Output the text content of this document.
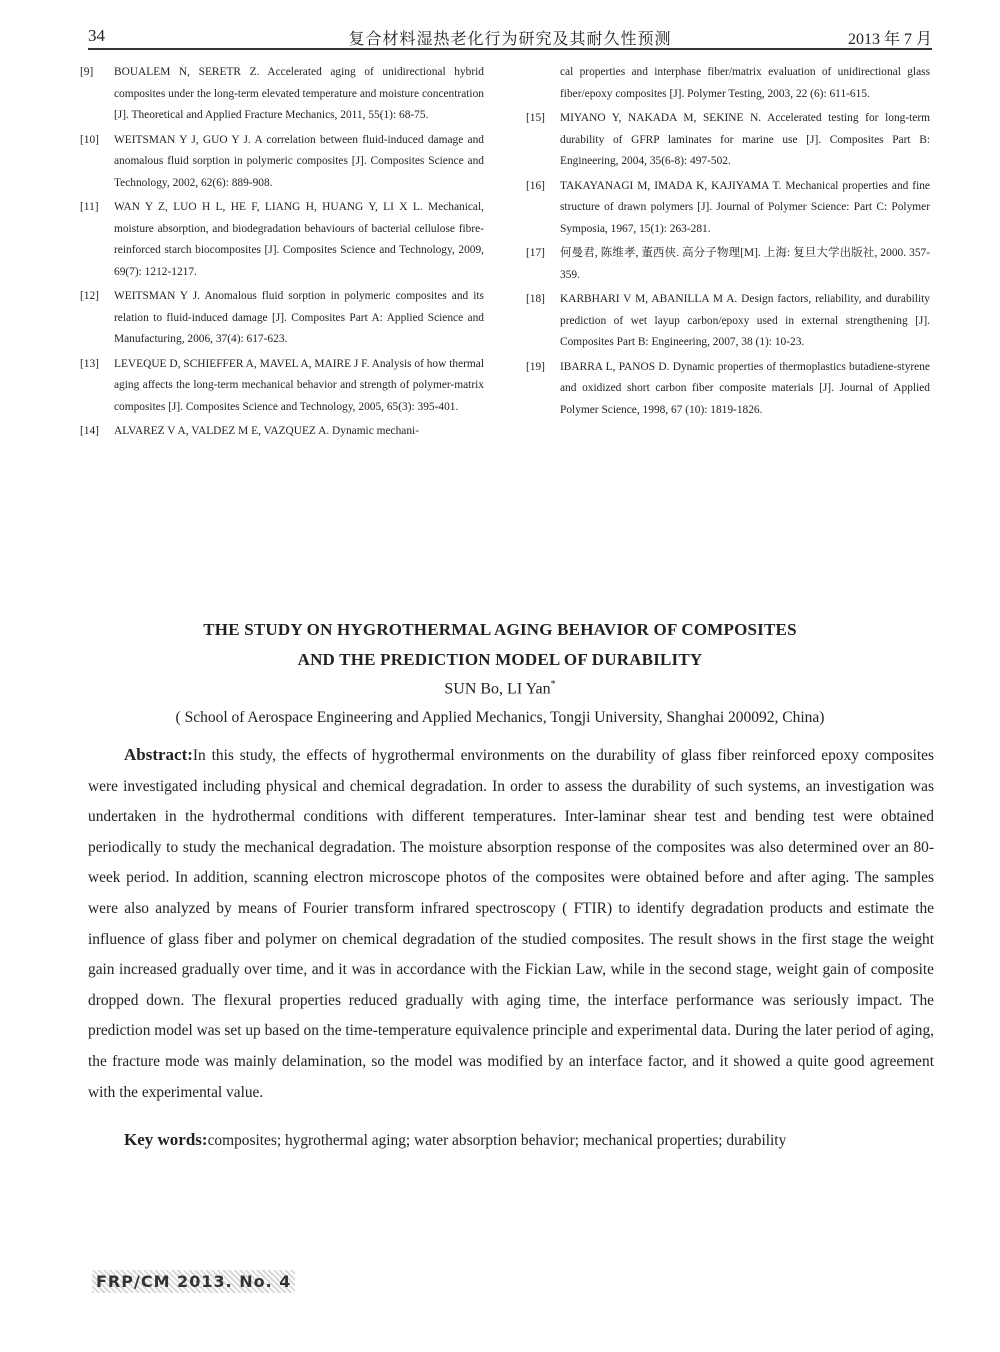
34	复合材料湿热老化行为研究及其耐久性预测	2013 年 7 月
[9]	BOUALEM N, SERETR Z. Accelerated aging of unidirectional hybrid composites under the long-term elevated temperature and moisture concentration [J]. Theoretical and Applied Fracture Mechanics, 2011, 55(1): 68-75.
[10]	WEITSMAN Y J, GUO Y J. A correlation between fluid-induced damage and anomalous fluid sorption in polymeric composites [J]. Composites Science and Technology, 2002, 62(6): 889-908.
[11]	WAN Y Z, LUO H L, HE F, LIANG H, HUANG Y, LI X L. Mechanical, moisture absorption, and biodegradation behaviours of bacterial cellulose fibre-reinforced starch biocomposites [J]. Composites Science and Technology, 2009, 69(7): 1212-1217.
[12]	WEITSMAN Y J. Anomalous fluid sorption in polymeric composites and its relation to fluid-induced damage [J]. Composites Part A: Applied Science and Manufacturing, 2006, 37(4): 617-623.
[13]	LEVEQUE D, SCHIEFFER A, MAVEL A, MAIRE J F. Analysis of how thermal aging affects the long-term mechanical behavior and strength of polymer-matrix composites [J]. Composites Science and Technology, 2005, 65(3): 395-401.
[14]	ALVAREZ V A, VALDEZ M E, VAZQUEZ A. Dynamic mechani-
cal properties and interphase fiber/matrix evaluation of unidirectional glass fiber/epoxy composites [J]. Polymer Testing, 2003, 22 (6): 611-615.
[15]	MIYANO Y, NAKADA M, SEKINE N. Accelerated testing for long-term durability of GFRP laminates for marine use [J]. Composites Part B: Engineering, 2004, 35(6-8): 497-502.
[16]	TAKAYANAGI M, IMADA K, KAJIYAMA T. Mechanical properties and fine structure of drawn polymers [J]. Journal of Polymer Science: Part C: Polymer Symposia, 1967, 15(1): 263-281.
[17]	何曼君, 陈维孝, 董西侠. 高分子物理[M]. 上海: 复旦大学出版社, 2000. 357-359.
[18]	KARBHARI V M, ABANILLA M A. Design factors, reliability, and durability prediction of wet layup carbon/epoxy used in external strengthening [J]. Composites Part B: Engineering, 2007, 38 (1): 10-23.
[19]	IBARRA L, PANOS D. Dynamic properties of thermoplastics butadiene-styrene and oxidized short carbon fiber composite materials [J]. Journal of Applied Polymer Science, 1998, 67 (10): 1819-1826.
THE STUDY ON HYGROTHERMAL AGING BEHAVIOR OF COMPOSITES
AND THE PREDICTION MODEL OF DURABILITY
SUN Bo, LI Yan*
( School of Aerospace Engineering and Applied Mechanics, Tongji University, Shanghai 200092, China)
Abstract:In this study, the effects of hygrothermal environments on the durability of glass fiber reinforced epoxy composites were investigated including physical and chemical degradation. In order to assess the durability of such systems, an investigation was undertaken in the hydrothermal conditions with different temperatures. Inter-laminar shear test and bending test were obtained periodically to study the mechanical degradation. The moisture absorption response of the composites was also determined over an 80-week period. In addition, scanning electron microscope photos of the composites were obtained before and after aging. The samples were also analyzed by means of Fourier transform infrared spectroscopy ( FTIR) to identify degradation products and estimate the influence of glass fiber and polymer on chemical degradation of the studied composites. The result shows in the first stage the weight gain increased gradually over time, and it was in accordance with the Fickian Law, while in the second stage, weight gain of composite dropped down. The flexural properties reduced gradually with aging time, the interface performance was seriously impact. The prediction model was set up based on the time-temperature equivalence principle and experimental data. During the later period of aging, the fracture mode was mainly delamination, so the model was modified by an interface factor, and it showed a quite good agreement with the experimental value.
Key words:composites; hygrothermal aging; water absorption behavior; mechanical properties; durability
FRP/CM 2013. No. 4
